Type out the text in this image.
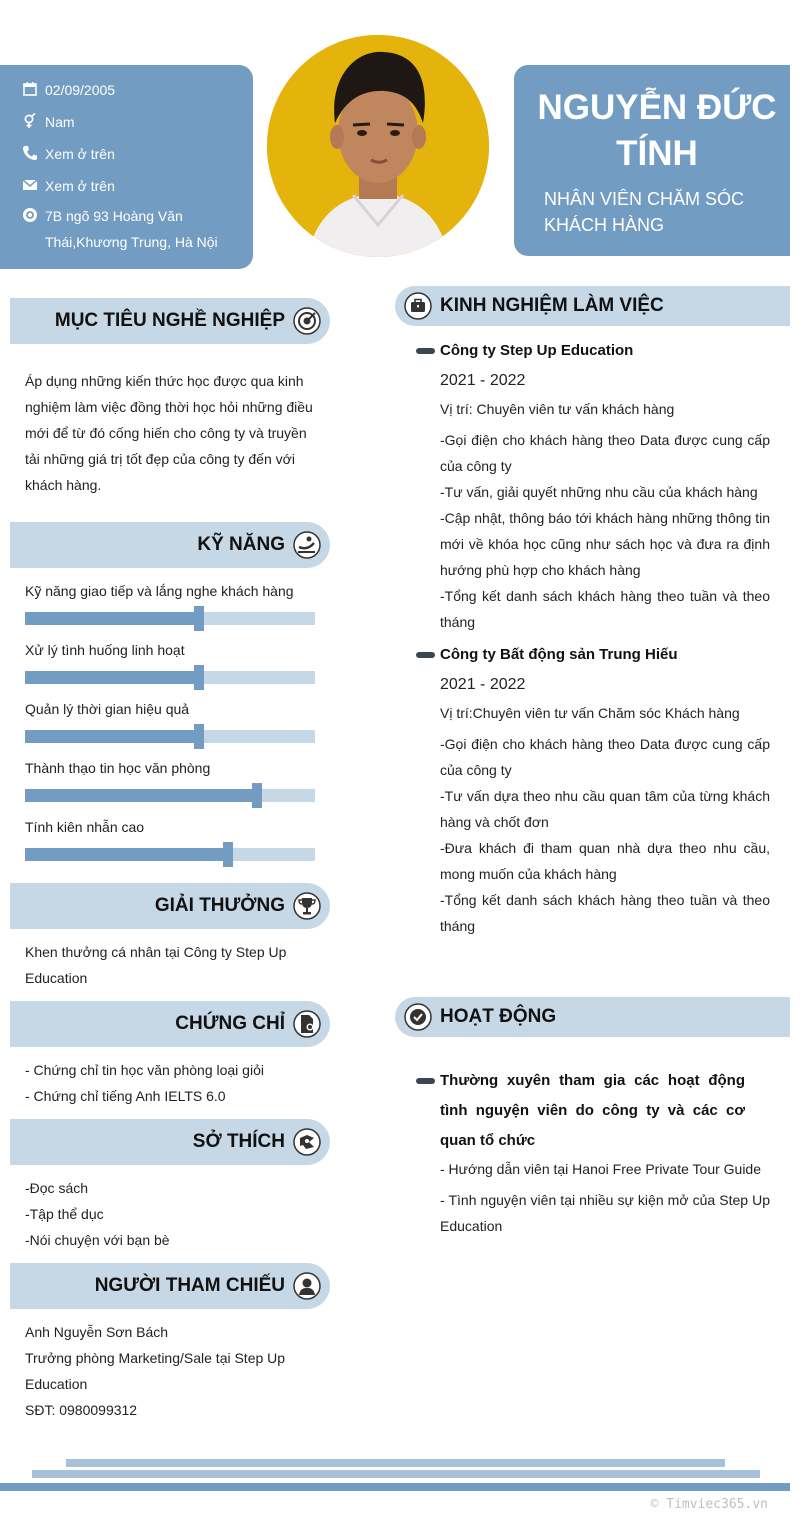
02/09/2005
Nam
Xem ở trên
Xem ở trên
7B ngõ 93 Hoàng Văn Thái,Khương Trung, Hà Nội
NGUYỄN ĐỨC TÍNH
NHÂN VIÊN CHĂM SÓC KHÁCH HÀNG
MỤC TIÊU NGHỀ NGHIỆP
Áp dụng những kiến thức học được qua kinh nghiệm làm việc đồng thời học hỏi những điều mới để từ đó cống hiến cho công ty và truyền tải những giá trị tốt đẹp của công ty đến với khách hàng.
KỸ NĂNG
Kỹ năng giao tiếp và lắng nghe khách hàng
Xử lý tình huống linh hoạt
Quản lý thời gian hiệu quả
Thành thạo tin học văn phòng
Tính kiên nhẫn cao
GIẢI THƯỞNG
Khen thưởng cá nhân tại Công ty Step Up Education
CHỨNG CHỈ
- Chứng chỉ tin học văn phòng loại giỏi
- Chứng chỉ tiếng Anh IELTS 6.0
SỞ THÍCH
-Đọc sách
-Tập thể dục
-Nói chuyện với bạn bè
NGƯỜI THAM CHIẾU
Anh Nguyễn Sơn Bách
Trưởng phòng Marketing/Sale tại Step Up Education
SĐT: 0980099312
KINH NGHIỆM LÀM VIỆC
Công ty Step Up Education
2021 - 2022
Vị trí: Chuyên viên tư vấn khách hàng
-Gọi điện cho khách hàng theo Data được cung cấp của công ty
-Tư vấn, giải quyết những nhu cầu của khách hàng
-Cập nhật, thông báo tới khách hàng những thông tin mới về khóa học cũng như sách học và đưa ra định hướng phù hợp cho khách hàng
-Tổng kết danh sách khách hàng theo tuần và theo tháng
Công ty Bất động sản Trung Hiếu
2021 - 2022
Vị trí:Chuyên viên tư vấn Chăm sóc Khách hàng
-Gọi điện cho khách hàng theo Data được cung cấp của công ty
-Tư vấn dựa theo nhu cầu quan tâm của từng khách hàng và chốt đơn
-Đưa khách đi tham quan nhà dựa theo nhu cầu, mong muốn của khách hàng
-Tổng kết danh sách khách hàng theo tuần và theo tháng
HOẠT ĐỘNG
Thường xuyên tham gia các hoạt động tình nguyện viên do công ty và các cơ quan tổ chức
- Hướng dẫn viên tại Hanoi Free Private Tour Guide
- Tình nguyện viên tại nhiều sự kiện mở của Step Up Education
© Timviec365.vn
